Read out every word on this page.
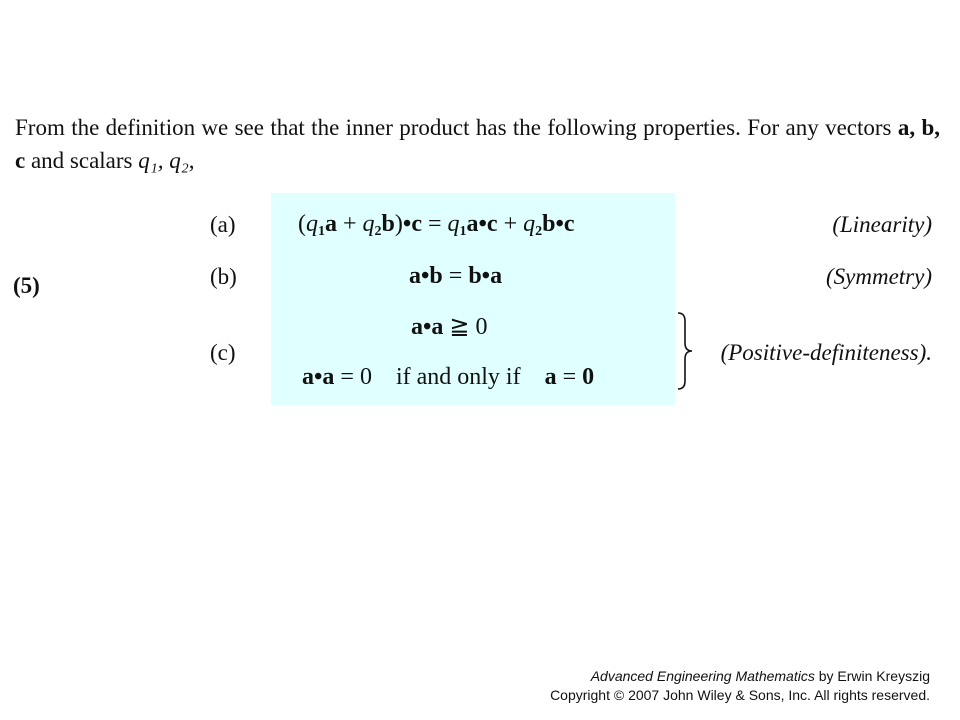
From the definition we see that the inner product has the following properties. For any vectors a, b, c and scalars q₁, q₂,
(5)
(a)
(b)
(c)
($q_1a$ + $q_2b)•c$ = $q_1a•c$ + $q_2b•c$
a•b = b•a
a•a ≧ 0
a•a = 0 if and only if a = 0
(Linearity)
(Symmetry)
(Positive-definiteness).
Advanced Engineering Mathematics by Erwin Kreyszig
Copyright © 2007 John Wiley & Sons, Inc. All rights reserved.
